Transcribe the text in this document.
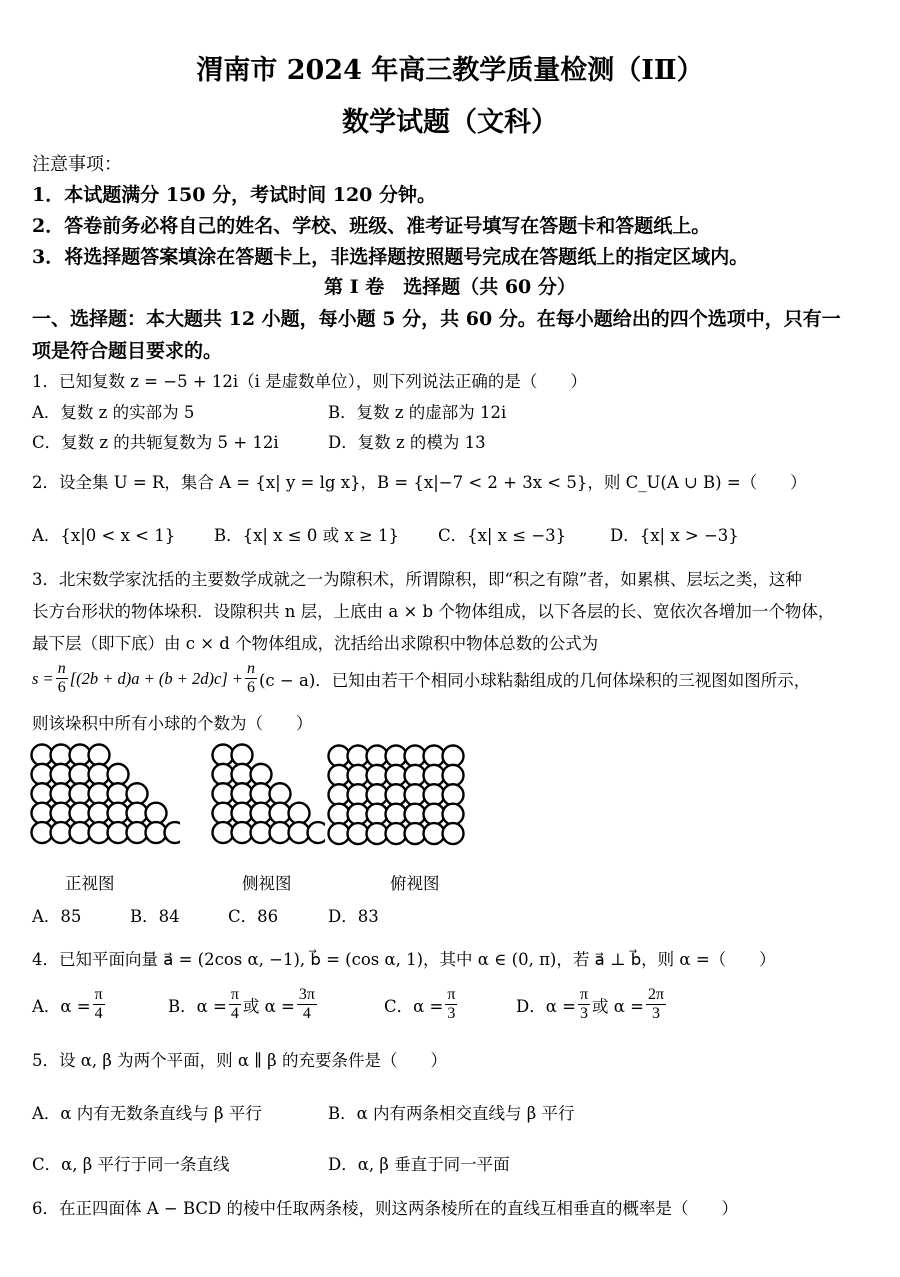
渭南市 2024 年高三教学质量检测（ⅠⅡ）
数学试题（文科）
注意事项：
1．本试题满分 150 分，考试时间 120 分钟。
2．答卷前务必将自己的姓名、学校、班级、准考证号填写在答题卡和答题纸上。
3．将选择题答案填涂在答题卡上，非选择题按照题号完成在答题纸上的指定区域内。
第 I 卷　选择题（共 60 分）
一、选择题：本大题共 12 小题，每小题 5 分，共 60 分。在每小题给出的四个选项中，只有一
项是符合题目要求的。
1．已知复数 z = −5 + 12i（i 是虚数单位），则下列说法正确的是（　　）
A．复数 z 的实部为 5	B．复数 z 的虚部为 12i
C．复数 z 的共轭复数为 5 + 12i	D．复数 z 的模为 13
2．设全集 U = R，集合 A = {x| y = lg x}，B = {x|−7 < 2 + 3x < 5}，则 C_U(A ∪ B) =（　　）
A．{x|0 < x < 1} B．{x| x ≤ 0 或 x ≥ 1} C．{x| x ≤ −3}	D．{x| x > −3}
3．北宋数学家沈括的主要数学成就之一为隙积术，所谓隙积，即“积之有隙”者，如累棋、层坛之类，这种
长方台形状的物体垛积．设隙积共 n 层，上底由 a × b 个物体组成，以下各层的长、宽依次各增加一个物体，
最下层（即下底）由 c × d 个物体组成，沈括给出求隙积中物体总数的公式为
$s = \frac{n}{6} [(2b + d)a + (b + 2d)c] + \frac{n}{6} (c - a)$．已知由若干个相同小球粘黏组成的几何体垛积的三视图如图所示，
则该垛积中所有小球的个数为（　　）
正视图	侧视图	俯视图
A．85	B．84	C．86	D．83
4．已知平面向量 a⃗ = (2cos α, −1), b⃗ = (cos α, 1)，其中 α ∈ (0, π)，若 a⃗ ⊥ b⃗，则 α =（　　）
A．$\alpha = \frac{\pi}{4}$	B．$\alpha = \frac{\pi}{4}$ 或 $\alpha = \frac{3\pi}{4}$	C．$\alpha = \frac{\pi}{3}$	D．$\alpha = \frac{\pi}{3}$ 或 $\alpha = \frac{2\pi}{3}$
5．设 α, β 为两个平面，则 α ∥ β 的充要条件是（　　）
A．α 内有无数条直线与 β 平行	B．α 内有两条相交直线与 β 平行
C．α, β 平行于同一条直线	D．α, β 垂直于同一平面
6．在正四面体 A − BCD 的棱中任取两条棱，则这两条棱所在的直线互相垂直的概率是（　　）
